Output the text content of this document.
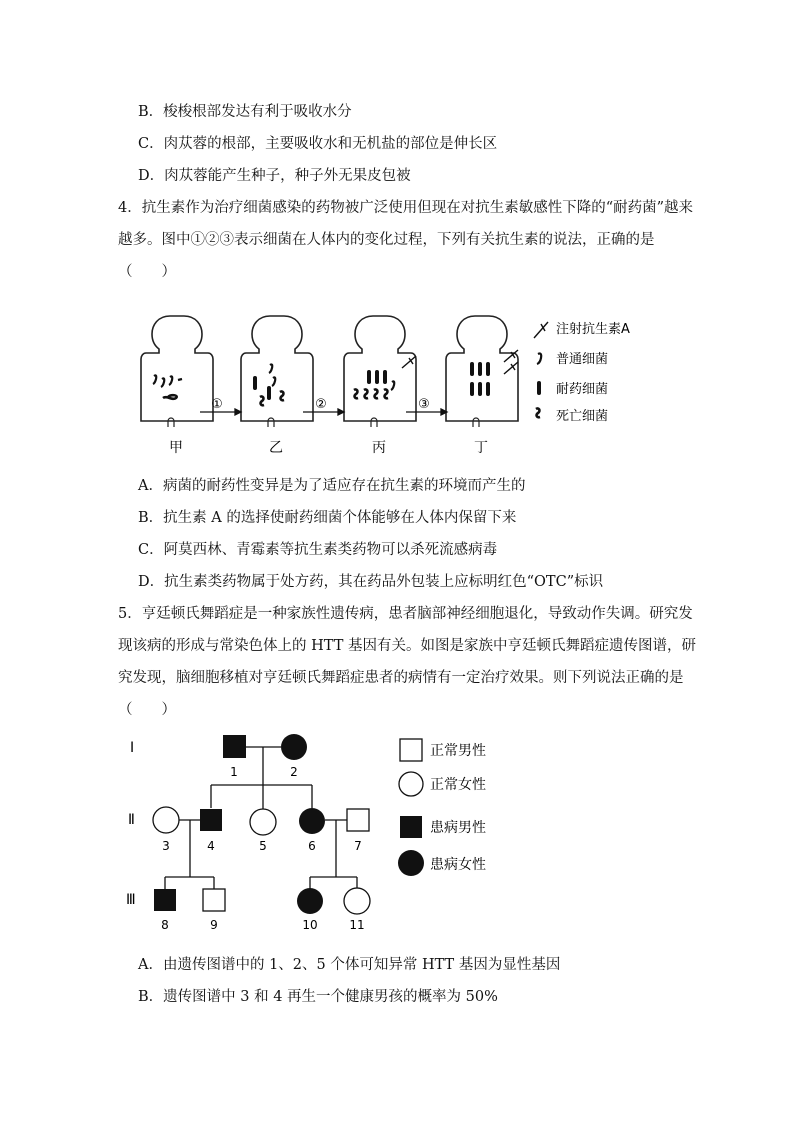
B．梭梭根部发达有利于吸收水分
C．肉苁蓉的根部，主要吸收水和无机盐的部位是伸长区
D．肉苁蓉能产生种子，种子外无果皮包被
4．抗生素作为治疗细菌感染的药物被广泛使用但现在对抗生素敏感性下降的“耐药菌”越来
越多。图中①②③表示细菌在人体内的变化过程，下列有关抗生素的说法，正确的是
（　　）
①	②	③
甲	乙	丙	丁
注射抗生素A
普通细菌
耐药细菌
死亡细菌
A．病菌的耐药性变异是为了适应存在抗生素的环境而产生的
B．抗生素 A 的选择使耐药细菌个体能够在人体内保留下来
C．阿莫西林、青霉素等抗生素类药物可以杀死流感病毒
D．抗生素类药物属于处方药，其在药品外包装上应标明红色“OTC”标识
5．亨廷顿氏舞蹈症是一种家族性遗传病，患者脑部神经细胞退化，导致动作失调。研究发
现该病的形成与常染色体上的 HTT 基因有关。如图是家族中亨廷顿氏舞蹈症遗传图谱，研
究发现，脑细胞移植对亨廷顿氏舞蹈症患者的病情有一定治疗效果。则下列说法正确的是
（　　）
Ⅰ
Ⅱ
Ⅲ
1	2
3	4	5	6	7
8	9	10	11
正常男性
正常女性
患病男性
患病女性
A．由遗传图谱中的 1、2、5 个体可知异常 HTT 基因为显性基因
B．遗传图谱中 3 和 4 再生一个健康男孩的概率为 50%
